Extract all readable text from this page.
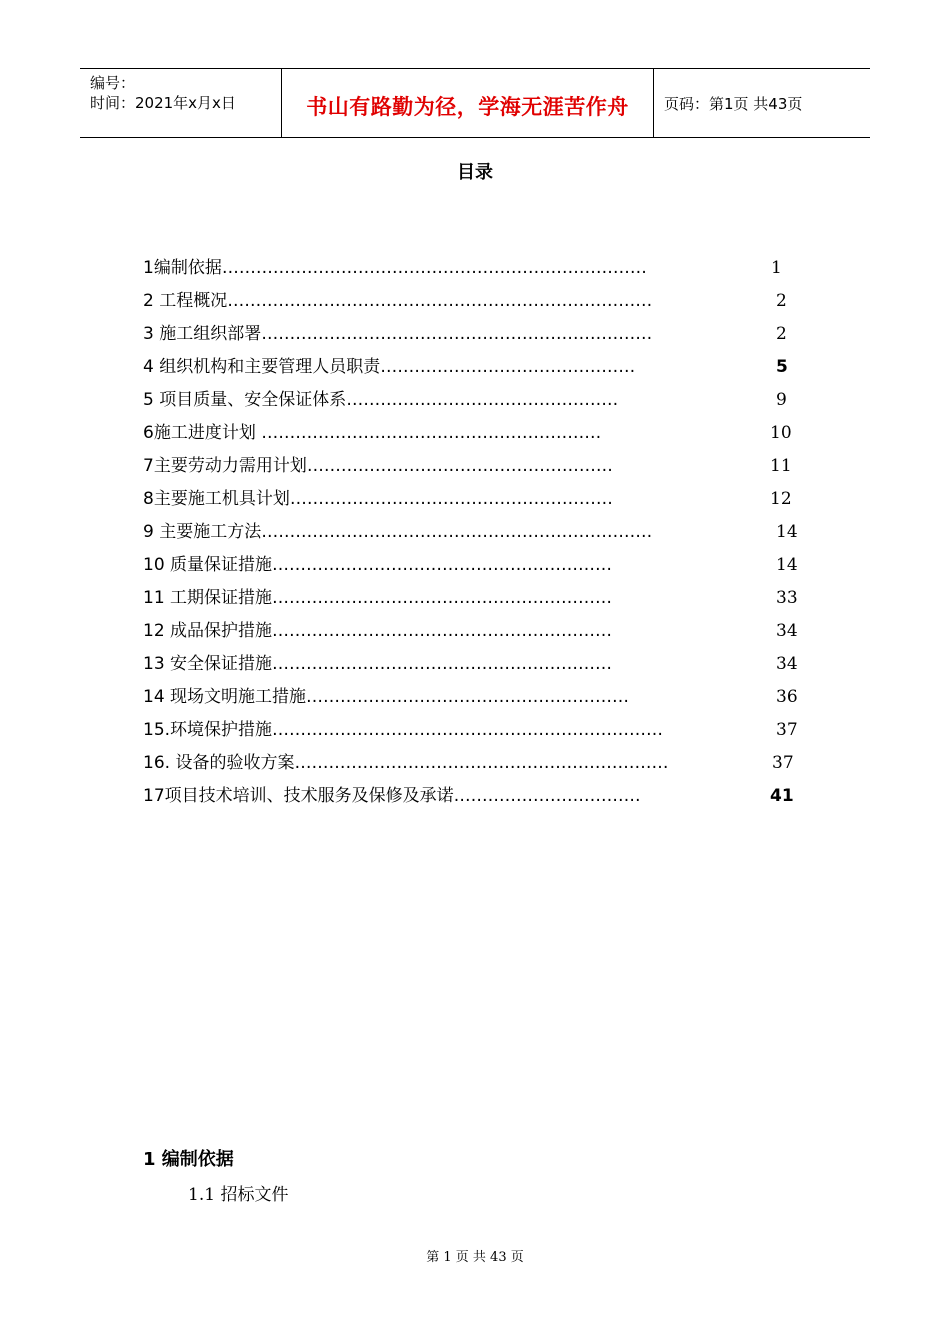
编号：
时间：2021年x月x日	书山有路勤为径，学海无涯苦作舟	页码：第1页 共43页
目录
1编制依据…………………………………………………………………	1
2 工程概况…………………………………………………………………	2
3 施工组织部署……………………………………………………………	2
4 组织机构和主要管理人员职责………………………………………	5
5 项目质量、安全保证体系…………………………………………	9
6施工进度计划 ……………………………………………………	10
7主要劳动力需用计划………………………………………………	11
8主要施工机具计划…………………………………………………	12
9 主要施工方法……………………………………………………………	14
10 质量保证措施……………………………………………………	14
11 工期保证措施……………………………………………………	33
12 成品保护措施……………………………………………………	34
13 安全保证措施……………………………………………………	34
14 现场文明施工措施…………………………………………………	36
15.环境保护措施……………………………………………………………	37
16. 设备的验收方案…………………………………………………………	37
17项目技术培训、技术服务及保修及承诺……………………………	41
1 编制依据
1.1 招标文件
第 1 页 共 43 页
